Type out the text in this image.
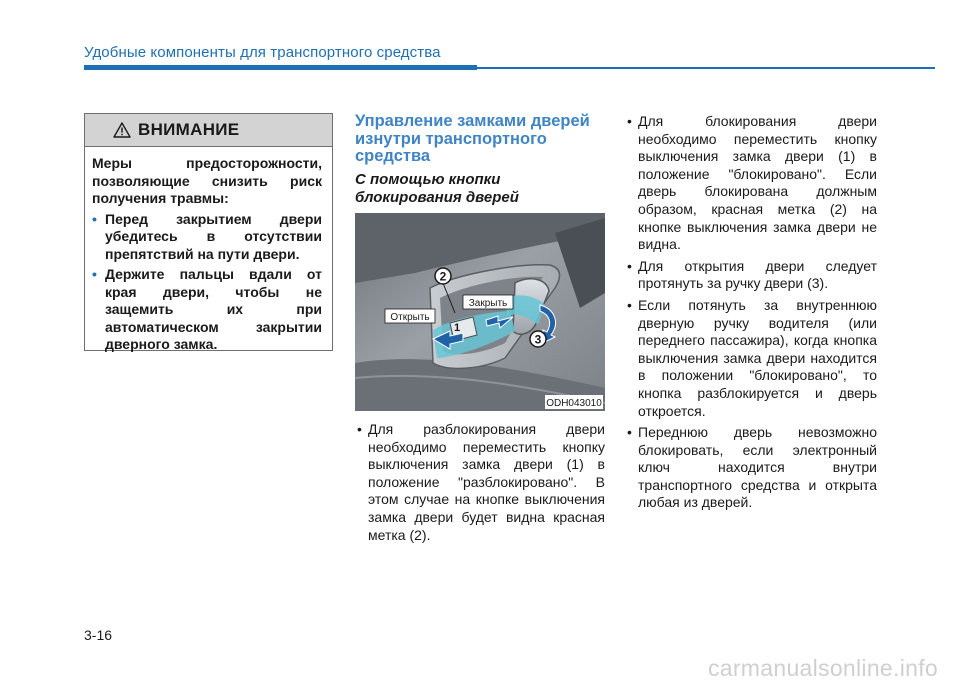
Удобные компоненты для транспортного средства
ВНИМАНИЕ

Меры предосторожности, позволяющие снизить риск получения травмы:

• Перед закрытием двери убедитесь в отсутствии препятствий на пути двери.
• Держите пальцы вдали от края двери, чтобы не защемить их при автоматическом закрытии дверного замка.
Управление замками дверей изнутри транспортного средства
С помощью кнопки блокирования дверей
2
1
3
Открыть
Закрыть
ODH043010
• Для разблокирования двери необходимо переместить кнопку выключения замка двери (1) в положение "разблокировано". В этом случае на кнопке выключения замка двери будет видна красная метка (2).
• Для блокирования двери необходимо переместить кнопку выключения замка двери (1) в положение "блокировано". Если дверь блокирована должным образом, красная метка (2) на кнопке выключения замка двери не видна.
• Для открытия двери следует протянуть за ручку двери (3).
• Если потянуть за внутреннюю дверную ручку водителя (или переднего пассажира), когда кнопка выключения замка двери находится в положении "блокировано", то кнопка разблокируется и дверь откроется.
• Переднюю дверь невозможно блокировать, если электронный ключ находится внутри транспортного средства и открыта любая из дверей.
3-16
carmanualsonline.info
